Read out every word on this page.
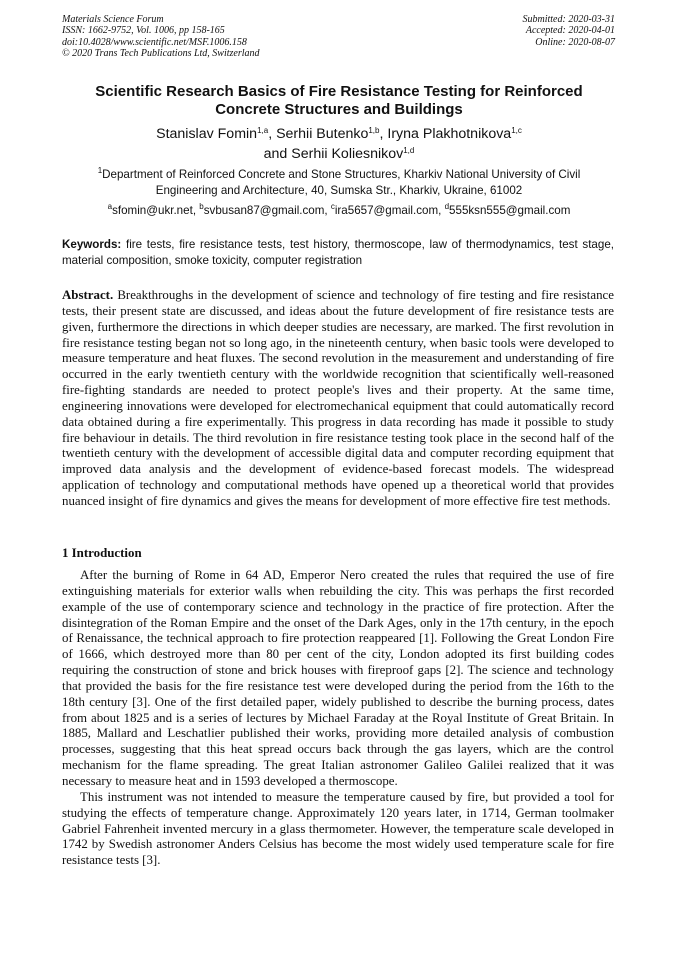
Materials Science Forum
ISSN: 1662-9752, Vol. 1006, pp 158-165
doi:10.4028/www.scientific.net/MSF.1006.158
© 2020 Trans Tech Publications Ltd, Switzerland
Submitted: 2020-03-31
Accepted: 2020-04-01
Online: 2020-08-07
Scientific Research Basics of Fire Resistance Testing for Reinforced
Concrete Structures and Buildings
Stanislav Fomin$^{1,a}$, Serhii Butenko$^{1,b}$, Iryna Plakhotnikova$^{1,c}$
and Serhii Koliesnikov$^{1,d}$
$^1$Department of Reinforced Concrete and Stone Structures, Kharkiv National University of Civil
Engineering and Architecture, 40, Sumska Str., Kharkiv, Ukraine, 61002
$^a$sfomin@ukr.net, $^b$svbusan87@gmail.com, $^c$ira5657@gmail.com, $^d$555ksn555@gmail.com
Keywords: fire tests, fire resistance tests, test history, thermoscope, law of thermodynamics, test stage, material composition, smoke toxicity, computer registration
Abstract. Breakthroughs in the development of science and technology of fire testing and fire resistance tests, their present state are discussed, and ideas about the future development of fire resistance tests are given, furthermore the directions in which deeper studies are necessary, are marked. The first revolution in fire resistance testing began not so long ago, in the nineteenth century, when basic tools were developed to measure temperature and heat fluxes. The second revolution in the measurement and understanding of fire occurred in the early twentieth century with the worldwide recognition that scientifically well-reasoned fire-fighting standards are needed to protect people's lives and their property. At the same time, engineering innovations were developed for electromechanical equipment that could automatically record data obtained during a fire experimentally. This progress in data recording has made it possible to study fire behaviour in details. The third revolution in fire resistance testing took place in the second half of the twentieth century with the development of accessible digital data and computer recording equipment that improved data analysis and the development of evidence-based forecast models. The widespread application of technology and computational methods have opened up a theoretical world that provides nuanced insight of fire dynamics and gives the means for development of more effective fire test methods.
1 Introduction

After the burning of Rome in 64 AD, Emperor Nero created the rules that required the use of fire extinguishing materials for exterior walls when rebuilding the city. This was perhaps the first recorded example of the use of contemporary science and technology in the practice of fire protection. After the disintegration of the Roman Empire and the onset of the Dark Ages, only in the 17th century, in the epoch of Renaissance, the technical approach to fire protection reappeared [1]. Following the Great London Fire of 1666, which destroyed more than 80 per cent of the city, London adopted its first building codes requiring the construction of stone and brick houses with fireproof gaps [2]. The science and technology that provided the basis for the fire resistance test were developed during the period from the 16th to the 18th century [3]. One of the first detailed paper, widely published to describe the burning process, dates from about 1825 and is a series of lectures by Michael Faraday at the Royal Institute of Great Britain. In 1885, Mallard and Leschatlier published their works, providing more detailed analysis of combustion processes, suggesting that this heat spread occurs back through the gas layers, which are the control mechanism for the flame spreading. The great Italian astronomer Galileo Galilei realized that it was necessary to measure heat and in 1593 developed a thermoscope.

This instrument was not intended to measure the temperature caused by fire, but provided a tool for studying the effects of temperature change. Approximately 120 years later, in 1714, German toolmaker Gabriel Fahrenheit invented mercury in a glass thermometer. However, the temperature scale developed in 1742 by Swedish astronomer Anders Celsius has become the most widely used temperature scale for fire resistance tests [3].
